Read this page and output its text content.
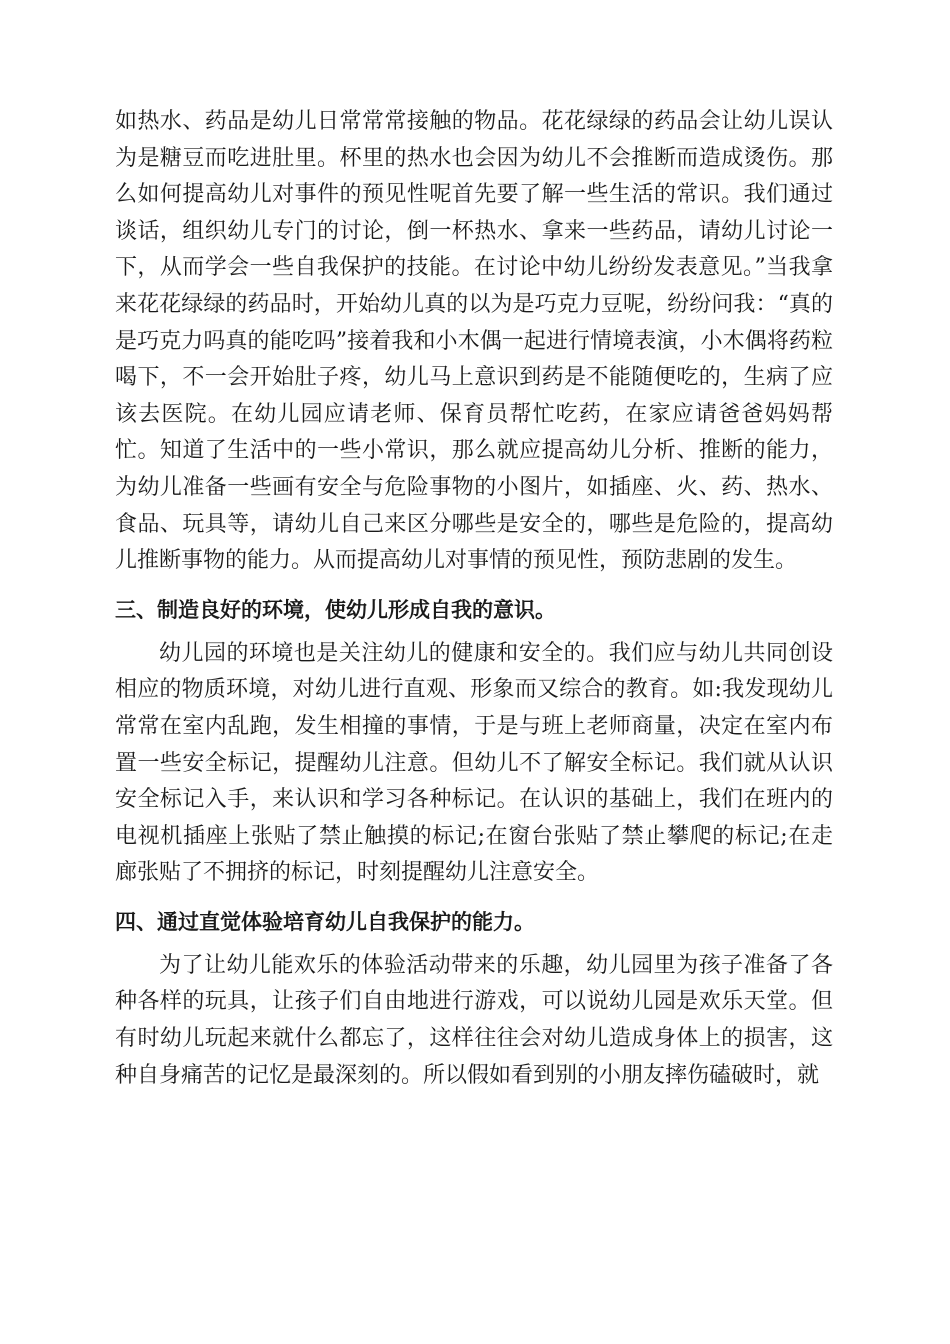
如热水、药品是幼儿日常常常接触的物品。花花绿绿的药品会让幼儿误认为是糖豆而吃进肚里。杯里的热水也会因为幼儿不会推断而造成烫伤。那么如何提高幼儿对事件的预见性呢首先要了解一些生活的常识。我们通过谈话，组织幼儿专门的讨论，倒一杯热水、拿来一些药品，请幼儿讨论一下，从而学会一些自我保护的技能。在讨论中幼儿纷纷发表意见。”当我拿来花花绿绿的药品时，开始幼儿真的以为是巧克力豆呢，纷纷问我：“真的是巧克力吗真的能吃吗”接着我和小木偶一起进行情境表演，小木偶将药粒喝下，不一会开始肚子疼，幼儿马上意识到药是不能随便吃的，生病了应该去医院。在幼儿园应请老师、保育员帮忙吃药，在家应请爸爸妈妈帮忙。知道了生活中的一些小常识，那么就应提高幼儿分析、推断的能力，为幼儿准备一些画有安全与危险事物的小图片，如插座、火、药、热水、食品、玩具等，请幼儿自己来区分哪些是安全的，哪些是危险的，提高幼儿推断事物的能力。从而提高幼儿对事情的预见性，预防悲剧的发生。

三、制造良好的环境，使幼儿形成自我的意识。

幼儿园的环境也是关注幼儿的健康和安全的。我们应与幼儿共同创设相应的物质环境，对幼儿进行直观、形象而又综合的教育。如:我发现幼儿常常在室内乱跑，发生相撞的事情，于是与班上老师商量，决定在室内布置一些安全标记，提醒幼儿注意。但幼儿不了解安全标记。我们就从认识安全标记入手，来认识和学习各种标记。在认识的基础上，我们在班内的电视机插座上张贴了禁止触摸的标记;在窗台张贴了禁止攀爬的标记;在走廊张贴了不拥挤的标记，时刻提醒幼儿注意安全。

四、通过直觉体验培育幼儿自我保护的能力。

为了让幼儿能欢乐的体验活动带来的乐趣，幼儿园里为孩子准备了各种各样的玩具，让孩子们自由地进行游戏，可以说幼儿园是欢乐天堂。但有时幼儿玩起来就什么都忘了，这样往往会对幼儿造成身体上的损害，这种自身痛苦的记忆是最深刻的。所以假如看到别的小朋友摔伤磕破时，就
